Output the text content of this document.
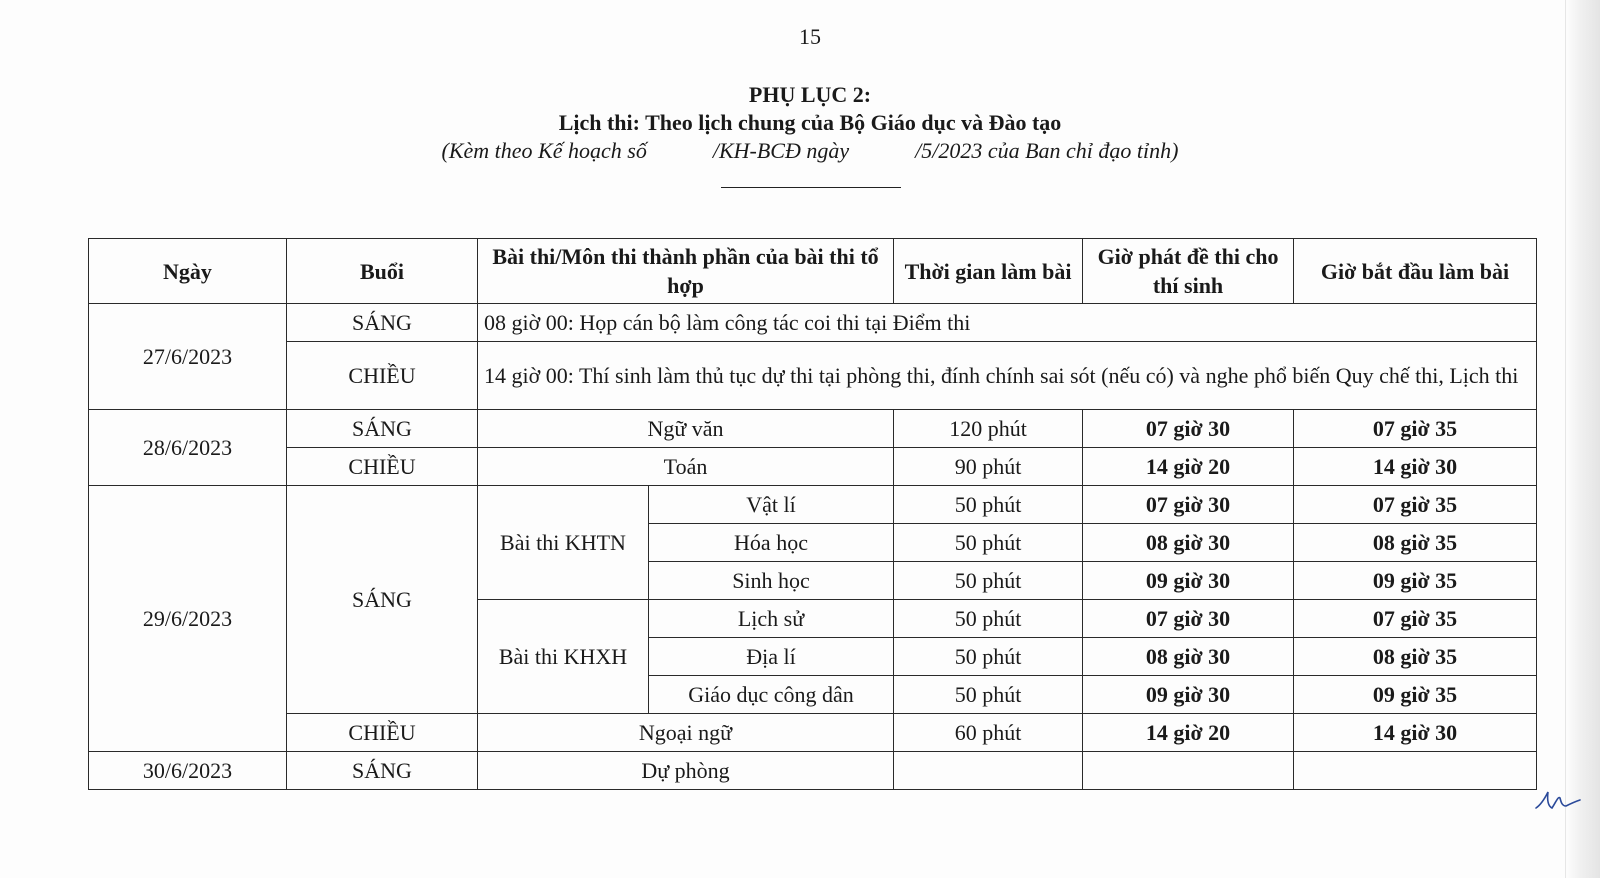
15
PHỤ LỤC 2:
Lịch thi: Theo lịch chung của Bộ Giáo dục và Đào tạo
(Kèm theo Kế hoạch số	/KH-BCĐ ngày	/5/2023 của Ban chỉ đạo tỉnh)
Ngày	Buổi	Bài thi/Môn thi thành phần của bài thi tổ hợp		Thời gian làm bài	Giờ phát đề thi cho thí sinh	Giờ bắt đầu làm bài
27/6/2023	SÁNG	08 giờ 00: Họp cán bộ làm công tác coi thi tại Điểm thi				
	CHIỀU	14 giờ 00: Thí sinh làm thủ tục dự thi tại phòng thi, đính chính sai sót (nếu có) và nghe phổ biến Quy chế thi, Lịch thi				
28/6/2023	SÁNG	Ngữ văn		120 phút	07 giờ 30	07 giờ 35
	CHIỀU	Toán		90 phút	14 giờ 20	14 giờ 30
29/6/2023	SÁNG	Bài thi KHTN	Vật lí	50 phút	07 giờ 30	07 giờ 35
			Hóa học	50 phút	08 giờ 30	08 giờ 35
			Sinh học	50 phút	09 giờ 30	09 giờ 35
		Bài thi KHXH	Lịch sử	50 phút	07 giờ 30	07 giờ 35
			Địa lí	50 phút	08 giờ 30	08 giờ 35
			Giáo dục công dân	50 phút	09 giờ 30	09 giờ 35
	CHIỀU	Ngoại ngữ		60 phút	14 giờ 20	14 giờ 30
30/6/2023	SÁNG	Dự phòng				
